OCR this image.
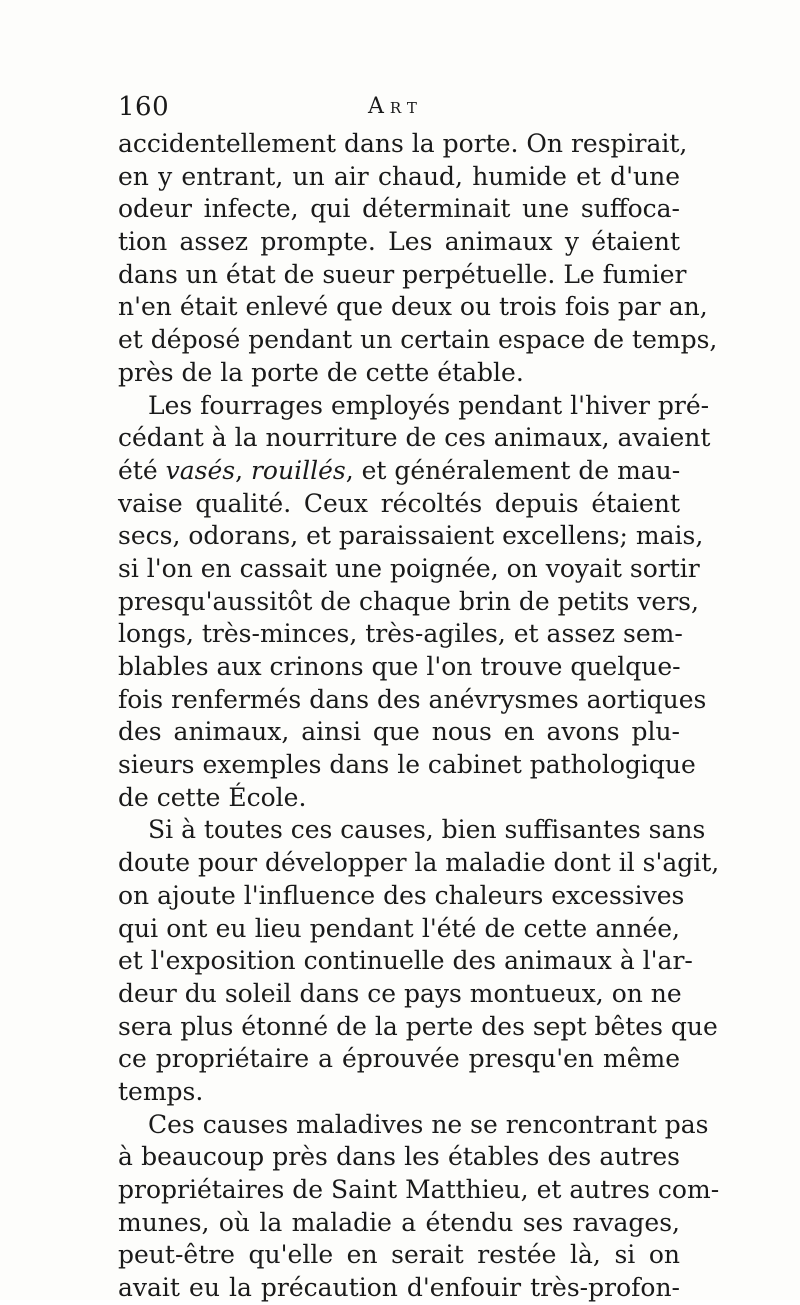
160	Art
accidentellement dans la porte. On respirait,
en y entrant, un air chaud, humide et d'une
odeur infecte, qui déterminait une suffoca-
tion assez prompte. Les animaux y étaient
dans un état de sueur perpétuelle. Le fumier
n'en était enlevé que deux ou trois fois par an,
et déposé pendant un certain espace de temps,
près de la porte de cette étable.
Les fourrages employés pendant l'hiver pré-
cédant à la nourriture de ces animaux, avaient
été vasés, rouillés, et généralement de mau-
vaise qualité. Ceux récoltés depuis étaient
secs, odorans, et paraissaient excellens; mais,
si l'on en cassait une poignée, on voyait sortir
presqu'aussitôt de chaque brin de petits vers,
longs, très-minces, très-agiles, et assez sem-
blables aux crinons que l'on trouve quelque-
fois renfermés dans des anévrysmes aortiques
des animaux, ainsi que nous en avons plu-
sieurs exemples dans le cabinet pathologique
de cette École.
Si à toutes ces causes, bien suffisantes sans
doute pour développer la maladie dont il s'agit,
on ajoute l'influence des chaleurs excessives
qui ont eu lieu pendant l'été de cette année,
et l'exposition continuelle des animaux à l'ar-
deur du soleil dans ce pays montueux, on ne
sera plus étonné de la perte des sept bêtes que
ce propriétaire a éprouvée presqu'en même
temps.
Ces causes maladives ne se rencontrant pas
à beaucoup près dans les étables des autres
propriétaires de Saint Matthieu, et autres com-
munes, où la maladie a étendu ses ravages,
peut-être qu'elle en serait restée là, si on
avait eu la précaution d'enfouir très-profon-
